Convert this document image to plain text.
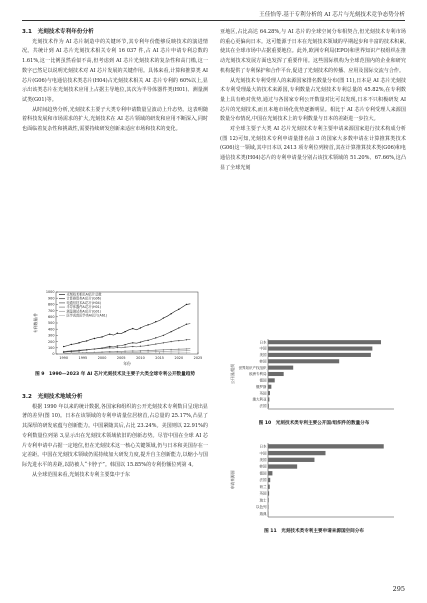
王佳怡等.基于专利分析的 AI 芯片与光刻技术竞争态势分析
3.1　光刻技术专利年份分析

光刻技术作为 AI 芯片制造中的关键环节,其专利年份能够反映技术的演进情况。共统计到 AI 芯片光刻技术相关专利 16 037 件,占 AI 芯片申请专利总数的 1.61%,这一比例虽然看似不高,但考虑到 AI 芯片光刻技术的复杂性和高门槛,这一数字已然足以说明光刻技术对 AI 芯片发展的关键作用。具体来看,计算和推算类 AI 芯片(G06)与电通信技术类芯片(H04)占光刻技术相关 AI 芯片专利的 60%以上,显示出该类芯片在光刻技术应用上占据主导地位,其次为半导体器件类(H01)、测量测试类(G01)等。

从时间趋势分析,光刻技术主要子大类专利申请数量呈波动上升态势。这表明随着科技发展和市场需求的扩大,光刻技术在 AI 芯片领域的研发和应用不断深入,同时也面临着复杂性和挑战性,需要持续研发创新来适应市场和技术的变化。

0
100
200
300
400
500
600
700
800
900
1000
1990	1995	2000	2005	2010	2015	2020	2025
年份
专利数量/件
光刻技术相关AI芯片总数
计算推算类AI芯片(G06)
电通信技术AI芯片(H04)
半导体器件AI芯片(H01)
测量测试类AI芯片(G01)
医学或兽医学类AI芯片(A61)
图 9　1990—2023 年 AI 芯片光刻技术及主要子大类全球专利公开数量趋势
3.2　光刻技术地域分析

根据 1990 年以来的统计数据,各国家和组织的公开光刻技术专利数目呈现出显著的差异(图 10)。日本在该领域的专利申请量位居榜首,占总量的 25.17%,凸显了其深厚的研发底蕴与创新能力。中国紧随其后,占比 23.24%。美国则以 22.91%的专利数量位列第 3,显示出在光刻技术领域依旧的创新态势。尽管中国在全球 AI 芯片专利申请中占据一定地位,但在光刻技术这一核心关键领域,仍与日本和美国存在一定差距。中国在光刻技术领域仍需持续加大研发力度,提升自主创新能力,以缩小与国际先进水平的差距,以防被人“卡脖子”。韩国以 15.85%的专利份额位列第 4。

从全球范围来看,光刻技术专利主要集中于东

亚地区,占比高达 64.28%,与 AI 芯片的全球空间分布相契合,但光刻技术专利市场的重心更偏向日本。这可能源于日本在光刻技术领域的早期起步和丰富的技术积累,使其在全球市场中占据重要地位。此外,欧洲专利局(EPO)和世界知识产权组织在推动光刻技术发展方面也发挥了重要作用。这些国际机构为全球范围内的企业和研究机构提供了专利保护和合作平台,促进了光刻技术的传播、应用及国际交流与合作。

从光刻技术专利受理人的来源国家排名数量分布(图 11),日本是 AI 芯片光刻技术专利受理最大的技术来源国,专利数量占光刻技术专利总量的 45.82%,在专利数量上具有绝对优势,通过与各国家专利公开数量对比可以发现,日本不只积极研发 AI 芯片的光刻技术,而且本地市场化优势逐渐明显。相比于 AI 芯片专利受理人来源国数量分布情况,中国在光刻技术上的专利数量与日本的差距进一步拉大。

对全球主要子大类 AI 芯片光刻技术专利主要申请来源国家进行技术构成分析(图 12)可知,光刻技术专利申请量排名前 3 的国家大多数申请在计算推算类技术(G06)这一领域,其中日本以 2413 项专利位列榜首,其在计算推算技术类(G06)和电通信技术类(H04)芯片的专利申请量分别占该技术领域的 51.20%、67.66%,这凸显了全球光刻

日本
中国
美国
韩国
世界知识产权组织
欧洲专利局
德国
俄罗斯
英国
澳大利亚
法国
公开国/组织
图 10　光刻技术类专利主要公开国/组织件的数量分布
日本
中国
美国
韩国
德国
法国
荷兰
英国
瑞士
以色列
瑞典
申请来源国
图 11　光刻技术类专利主要申请来源国空间分布
295
